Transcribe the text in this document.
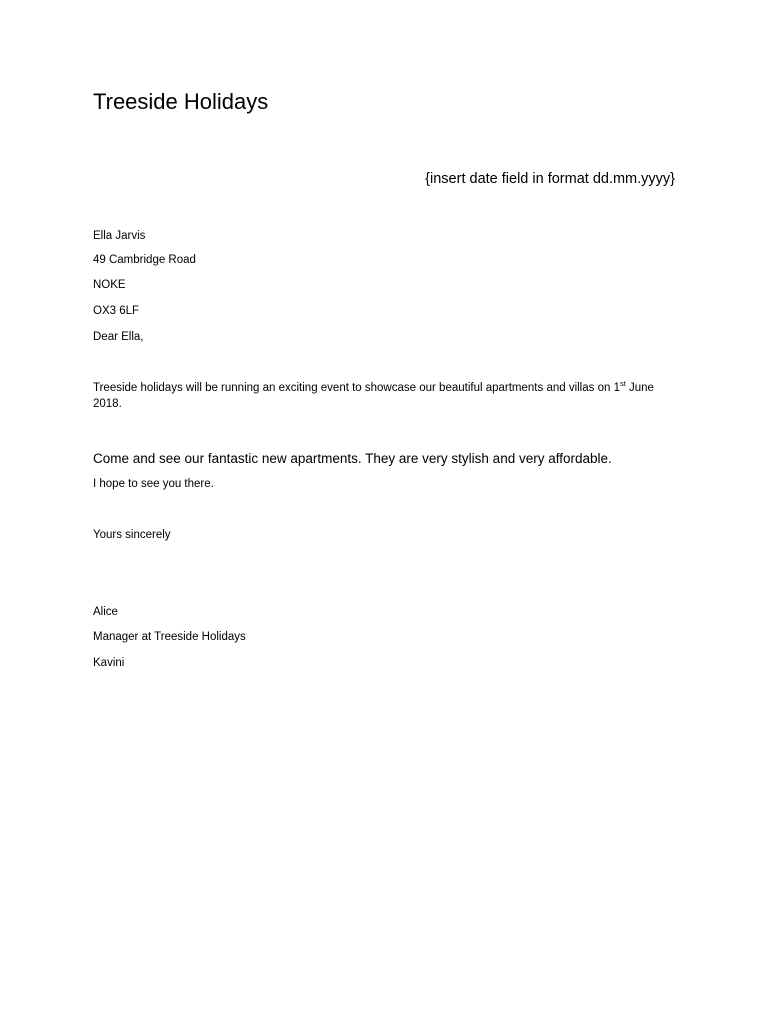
Treeside Holidays
{insert date field in format dd.mm.yyyy}
Ella Jarvis
49 Cambridge Road
NOKE
OX3 6LF
Dear Ella,
Treeside holidays will be running an exciting event to showcase our beautiful apartments and villas on 1st June 2018.
Come and see our fantastic new apartments. They are very stylish and very affordable.
I hope to see you there.
Yours sincerely
Alice
Manager at Treeside Holidays
Kavini
